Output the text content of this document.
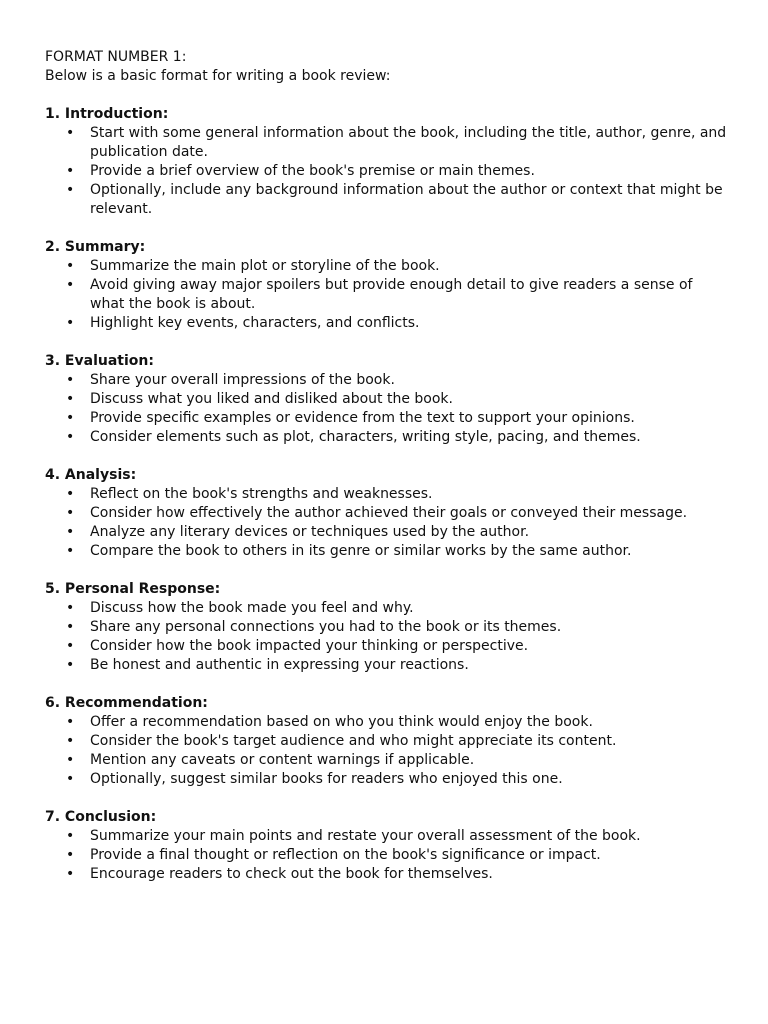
FORMAT NUMBER 1:
Below is a basic format for writing a book review:
1. Introduction:
• Start with some general information about the book, including the title, author, genre, and publication date.
• Provide a brief overview of the book's premise or main themes.
• Optionally, include any background information about the author or context that might be relevant.
2. Summary:
• Summarize the main plot or storyline of the book.
• Avoid giving away major spoilers but provide enough detail to give readers a sense of what the book is about.
• Highlight key events, characters, and conflicts.
3. Evaluation:
• Share your overall impressions of the book.
• Discuss what you liked and disliked about the book.
• Provide specific examples or evidence from the text to support your opinions.
• Consider elements such as plot, characters, writing style, pacing, and themes.
4. Analysis:
• Reflect on the book's strengths and weaknesses.
• Consider how effectively the author achieved their goals or conveyed their message.
• Analyze any literary devices or techniques used by the author.
• Compare the book to others in its genre or similar works by the same author.
5. Personal Response:
• Discuss how the book made you feel and why.
• Share any personal connections you had to the book or its themes.
• Consider how the book impacted your thinking or perspective.
• Be honest and authentic in expressing your reactions.
6. Recommendation:
• Offer a recommendation based on who you think would enjoy the book.
• Consider the book's target audience and who might appreciate its content.
• Mention any caveats or content warnings if applicable.
• Optionally, suggest similar books for readers who enjoyed this one.
7. Conclusion:
• Summarize your main points and restate your overall assessment of the book.
• Provide a final thought or reflection on the book's significance or impact.
• Encourage readers to check out the book for themselves.
